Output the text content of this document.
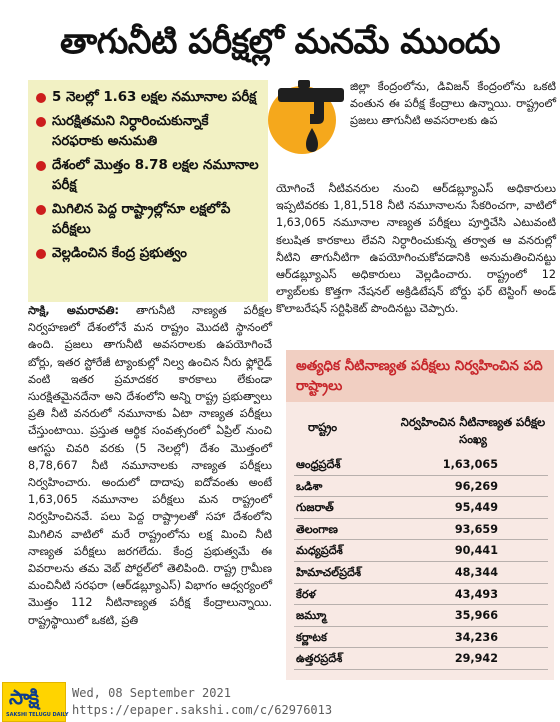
తాగునీటి పరీక్షల్లో మనమే ముందు
5 నెలల్లో 1.63 లక్షల నమూనాల పరీక్ష
సురక్షితమని నిర్ధారించుకున్నాకే సరఫరాకు అనుమతి
దేశంలో మొత్తం 8.78 లక్షల నమూనాల పరీక్ష
మిగిలిన పెద్ద రాష్ట్రాల్లోనూ లక్షలోపే పరీక్షలు
వెల్లడించిన కేంద్ర ప్రభుత్వం
జిల్లా కేంద్రంలోను, డివిజన్ కేంద్రంలోను ఒకటి వంతున ఈ పరీక్ష కేంద్రాలు ఉన్నాయి. రాష్ట్రంలో ప్రజలు తాగునీటి అవసరాలకు ఉప
యోగించే నీటివనరుల నుంచి ఆర్‌డబ్ల్యూఎస్‌ అధికారులు ఇప్పటివరకు 1,81,518 నీటి నమూనాలను సేకరించగా, వాటిలో 1,63,065 నమూనాల నాణ్యత పరీక్షలు పూర్తిచేసి ఎటువంటి కలుషిత కారకాలు లేవని నిర్ధారించుకున్న తర్వాత ఆ వనరుల్లో నీటిని తాగునీటిగా ఉపయోగించుకోవడానికి అనుమతించినట్టు ఆర్‌డబ్ల్యూఎస్‌ అధికారులు వెల్లడించారు. రాష్ట్రంలో 12 ల్యాబ్‌లకు కొత్తగా నేషనల్‌ అక్రిడిటేషన్‌ బోర్డు ఫర్‌ టెస్టింగ్‌ అండ్‌ కొలాబరేషన్‌ సర్టిఫికెట్‌ పొందినట్టు చెప్పారు.
సాక్షి, అమరావతి: తాగునీటి నాణ్యత పరీక్షల నిర్వహణలో దేశంలోనే మన రాష్ట్రం మొదటి స్థానంలో ఉంది. ప్రజలు తాగునీటి అవసరాలకు ఉపయోగించే బోర్లు, ఇతర స్టోరేజీ ట్యాంకుల్లో నిల్వ ఉంచిన నీరు ఫ్లోరైడ్‌ వంటి ఇతర ప్రమాదకర కారకాలు లేకుండా సురక్షితమైనదేనా అని దేశంలోని అన్ని రాష్ట్ర ప్రభుత్వాలు ప్రతి నీటి వనరులో నమూనాకు ఏటా నాణ్యత పరీక్షలు చేస్తుంటాయి. ప్రస్తుత ఆర్థిక సంవత్సరంలో ఏప్రిల్‌ నుంచి ఆగస్టు చివరి వరకు (5 నెలల్లో) దేశం మొత్తంలో 8,78,667 నీటి నమూనాలకు నాణ్యత పరీక్షలు నిర్వహించారు. అందులో దాదాపు ఐదోవంతు అంటే 1,63,065 నమూనాల పరీక్షలు మన రాష్ట్రంలో నిర్వహించినవే. పలు పెద్ద రాష్ట్రాలతో సహా దేశంలోని మిగిలిన వాటిలో మరే రాష్ట్రంలోను లక్ష మించి నీటి నాణ్యత పరీక్షలు జరగలేదు. కేంద్ర ప్రభుత్వమే ఈ వివరాలను తమ వెబ్‌ పోర్టల్‌లో తెలిపింది. రాష్ట్ర గ్రామీణ మంచినీటి సరఫరా (ఆర్‌డబ్ల్యూఎస్‌) విభాగం ఆధ్వర్యంలో మొత్తం 112 నీటినాణ్యత పరీక్ష కేంద్రాలున్నాయి. రాష్ట్రస్థాయిలో ఒకటి, ప్రతి
అత్యధిక నీటినాణ్యత పరీక్షలు నిర్వహించిన పది రాష్ట్రాలు
రాష్ట్రం	నిర్వహించిన నీటినాణ్యత పరీక్షల సంఖ్య
ఆంధ్రప్రదేశ్‌	1,63,065
ఒడిశా	96,269
గుజరాత్‌	95,449
తెలంగాణ	93,659
మధ్యప్రదేశ్‌	90,441
హిమాచల్‌ప్రదేశ్‌	48,344
కేరళ	43,493
జమ్మూ	35,966
కర్ణాటక	34,236
ఉత్తరప్రదేశ్‌	29,942
సాక్షి
SAKSHI TELUGU DAILY
Wed, 08 September 2021
https://epaper.sakshi.com/c/62976013
